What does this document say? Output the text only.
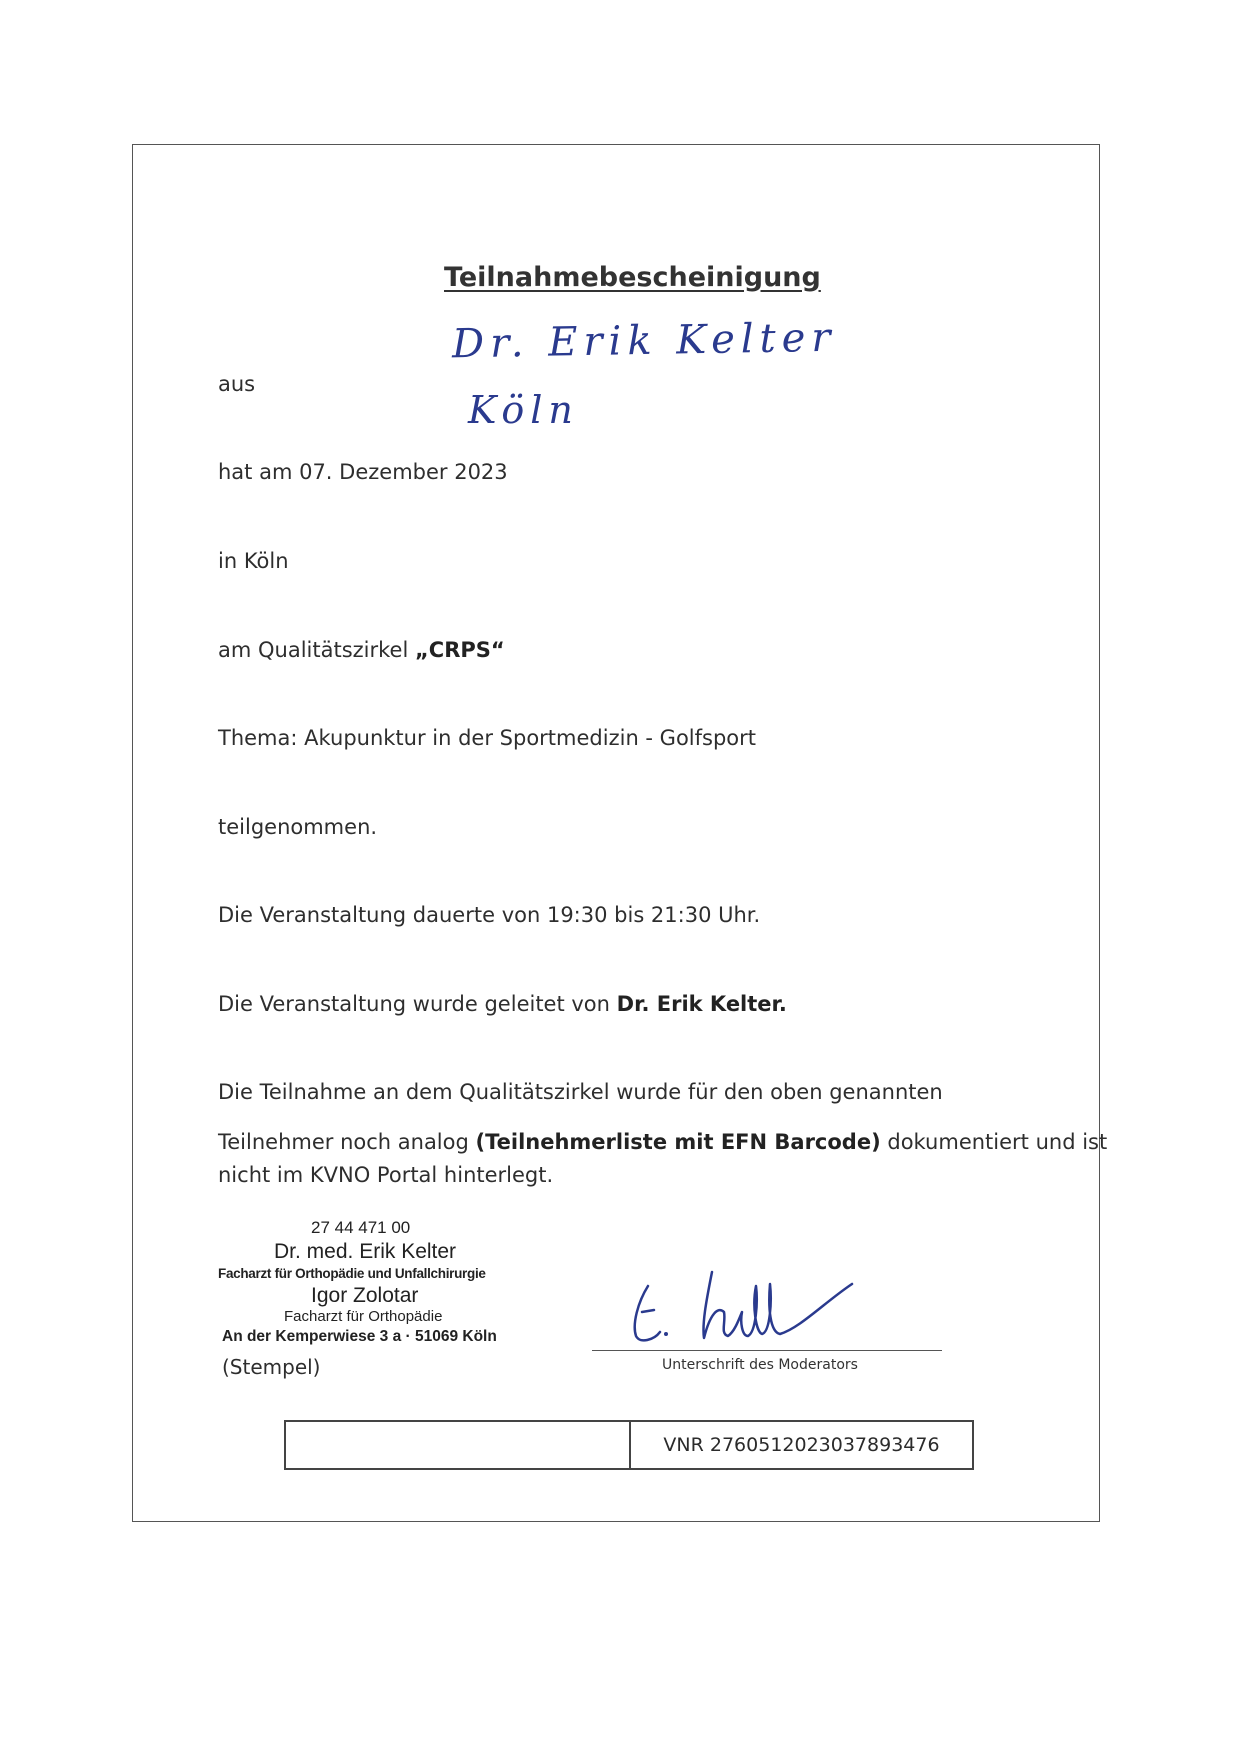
Teilnahmebescheinigung
Dr. Erik Kelter
aus
Köln
hat am 07. Dezember 2023
in Köln
am Qualitätszirkel „CRPS“
Thema: Akupunktur in der Sportmedizin - Golfsport
teilgenommen.
Die Veranstaltung dauerte von 19:30 bis 21:30 Uhr.
Die Veranstaltung wurde geleitet von Dr. Erik Kelter.
Die Teilnahme an dem Qualitätszirkel wurde für den oben genannten
Teilnehmer noch analog (Teilnehmerliste mit EFN Barcode) dokumentiert und ist
nicht im KVNO Portal hinterlegt.
27 44 471 00
Dr. med. Erik Kelter
Facharzt für Orthopädie und Unfallchirurgie
Igor Zolotar
Facharzt für Orthopädie
An der Kemperwiese 3 a · 51069 Köln
(Stempel)	Unterschrift des Moderators
VNR 2760512023037893476
